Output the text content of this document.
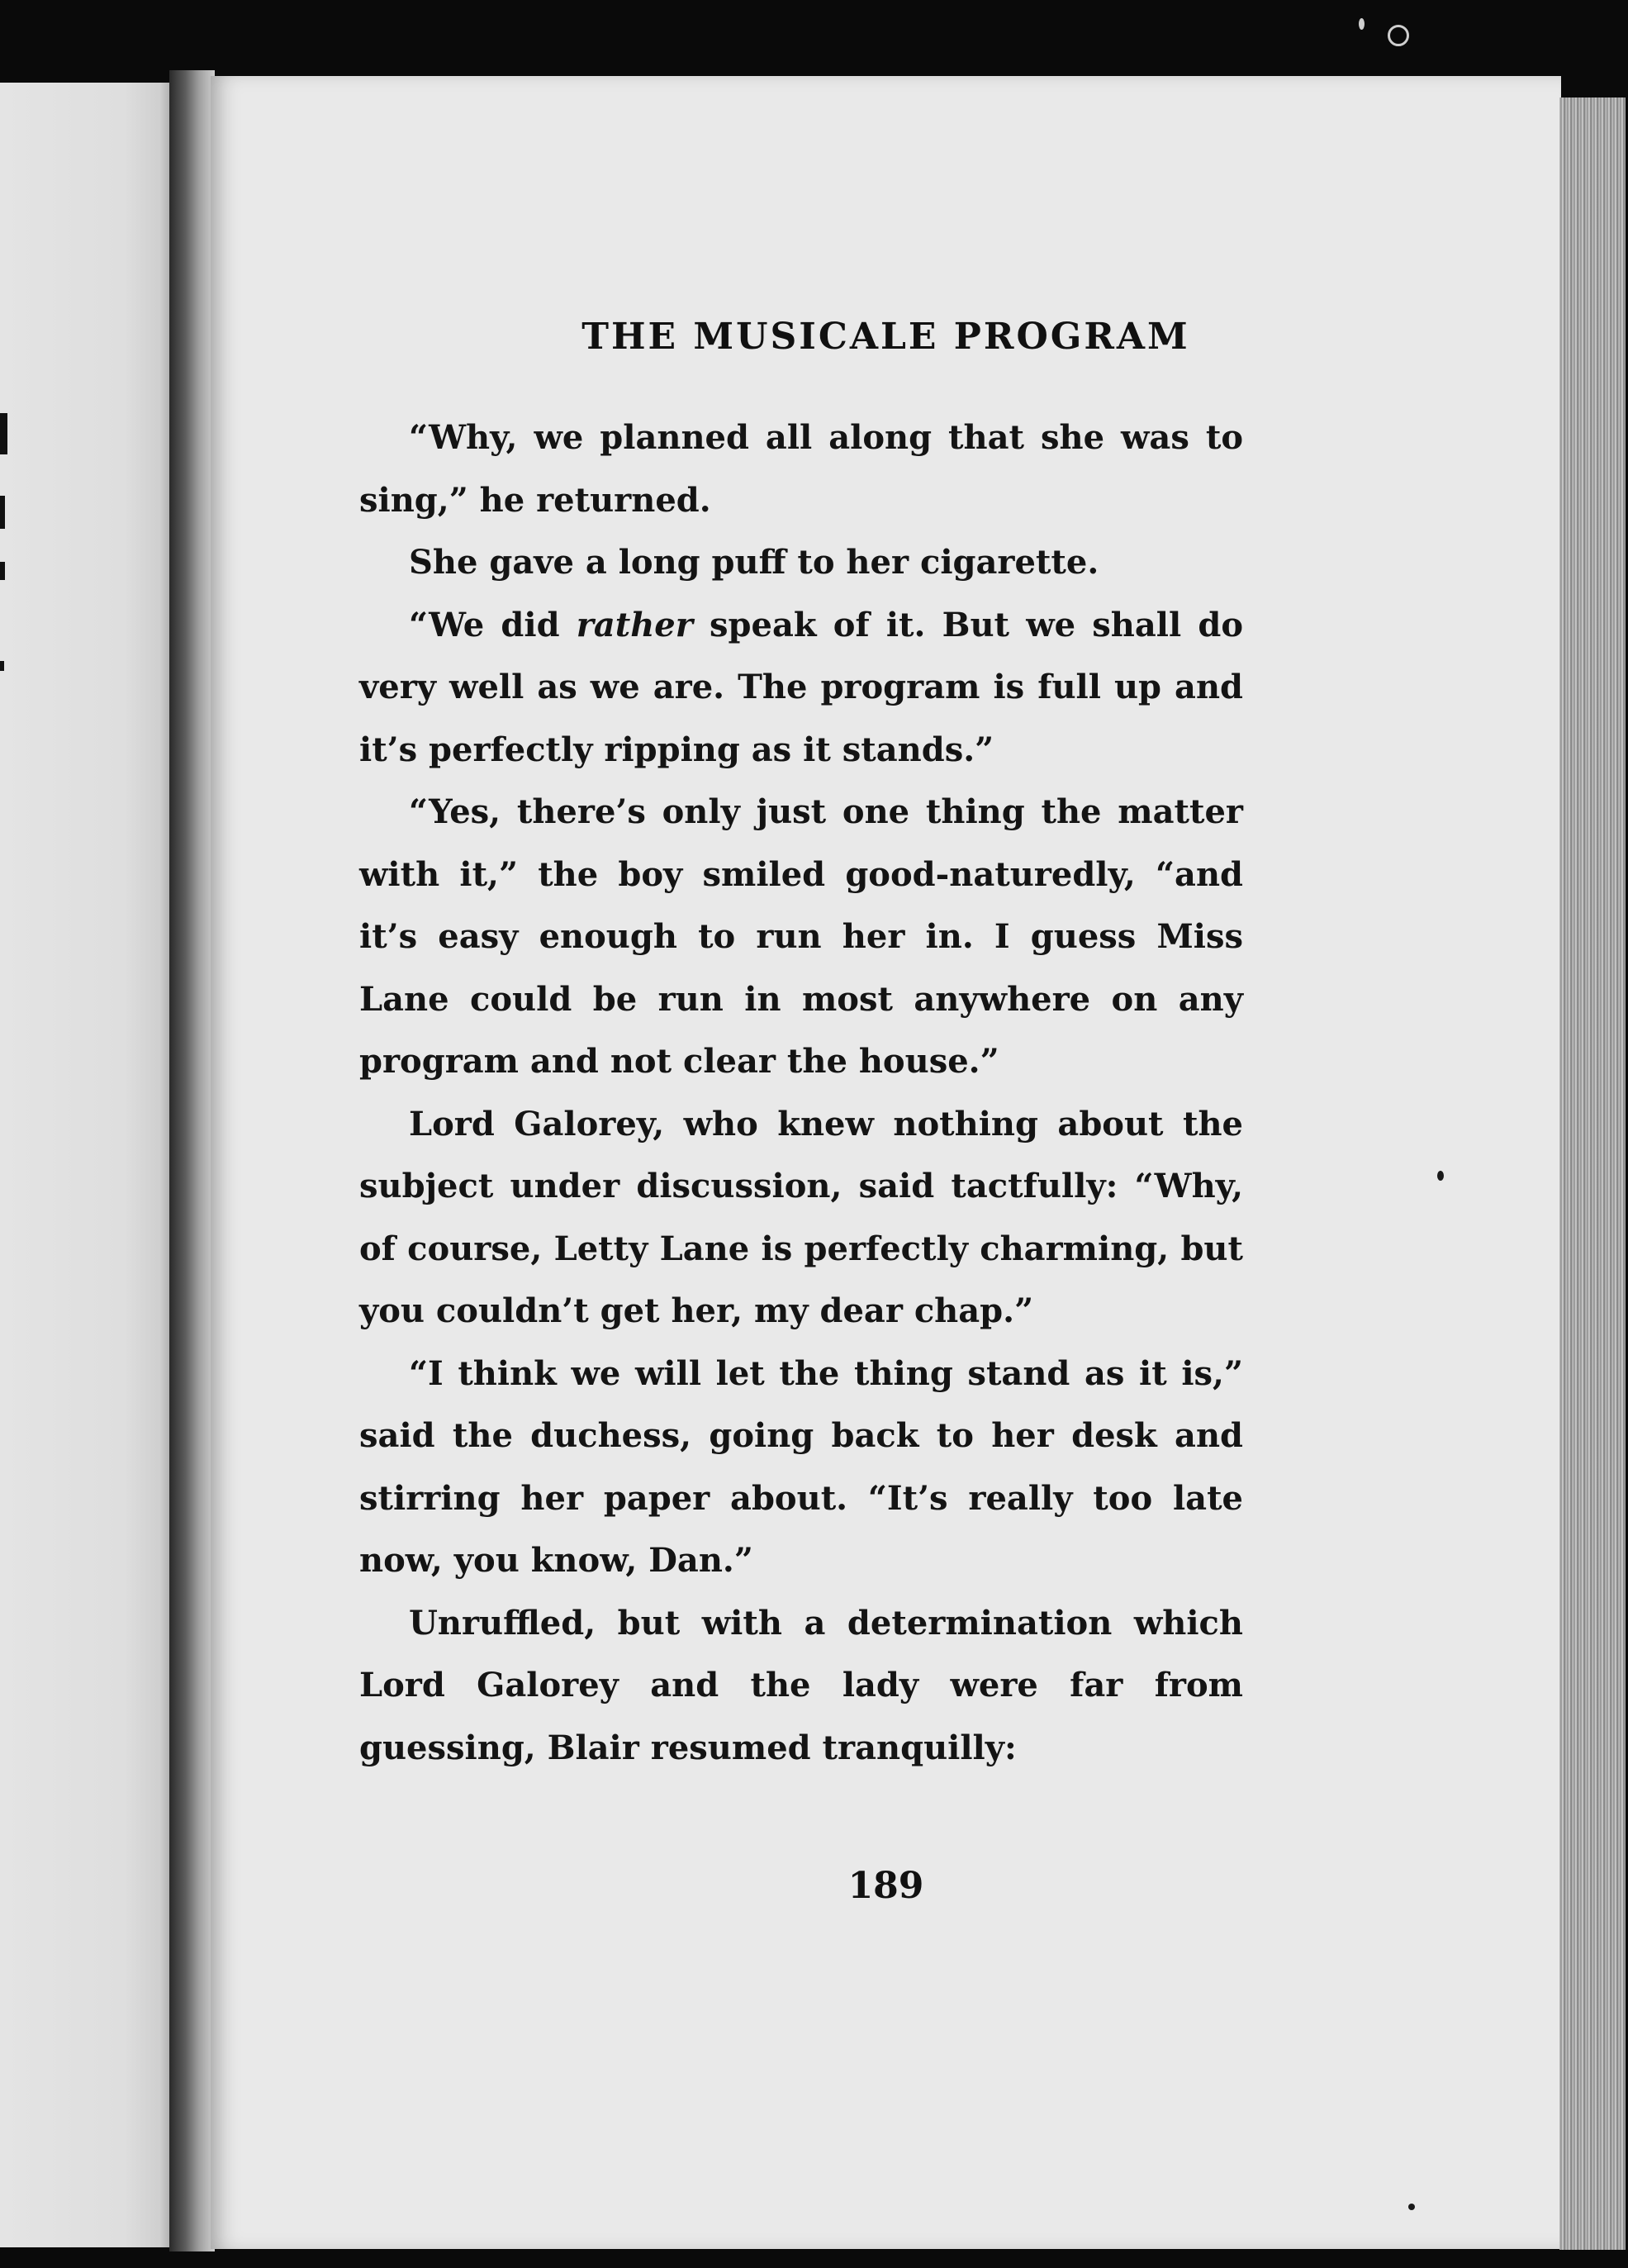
THE MUSICALE PROGRAM

“Why, we planned all along that she was to sing,” he returned.

She gave a long puff to her cigarette.

“We did rather speak of it. But we shall do very well as we are. The program is full up and it’s perfectly ripping as it stands.”

“Yes, there’s only just one thing the matter with it,” the boy smiled good-naturedly, “and it’s easy enough to run her in. I guess Miss Lane could be run in most anywhere on any program and not clear the house.”

Lord Galorey, who knew nothing about the subject under discussion, said tactfully: “Why, of course, Letty Lane is perfectly charming, but you couldn’t get her, my dear chap.”

“I think we will let the thing stand as it is,” said the duchess, going back to her desk and stirring her paper about. “It’s really too late now, you know, Dan.”

Unruffled, but with a determination which Lord Galorey and the lady were far from guessing, Blair resumed tranquilly:

189
